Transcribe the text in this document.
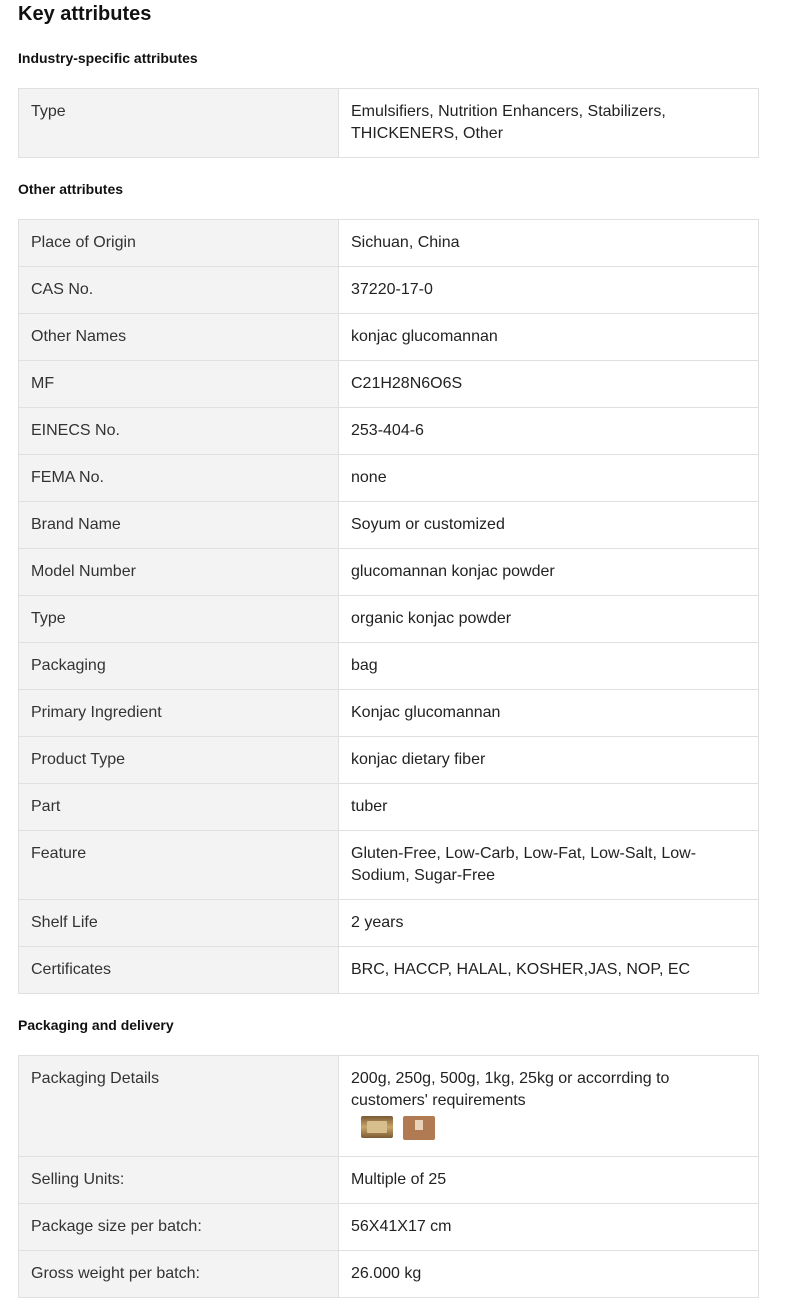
Key attributes
Industry-specific attributes
Type	Emulsifiers, Nutrition Enhancers, Stabilizers, THICKENERS, Other
Other attributes
Place of Origin	Sichuan, China
CAS No.	37220-17-0
Other Names	konjac glucomannan
MF	C21H28N6O6S
EINECS No.	253-404-6
FEMA No.	none
Brand Name	Soyum or customized
Model Number	glucomannan konjac powder
Type	organic konjac powder
Packaging	bag
Primary Ingredient	Konjac glucomannan
Product Type	konjac dietary fiber
Part	tuber
Feature	Gluten-Free, Low-Carb, Low-Fat, Low-Salt, Low-Sodium, Sugar-Free
Shelf Life	2 years
Certificates	BRC, HACCP, HALAL, KOSHER,JAS, NOP, EC
Packaging and delivery
Packaging Details	200g, 250g, 500g, 1kg, 25kg or accorrding to customers' requirements

Selling Units:	Multiple of 25
Package size per batch:	56X41X17 cm
Gross weight per batch:	26.000 kg
